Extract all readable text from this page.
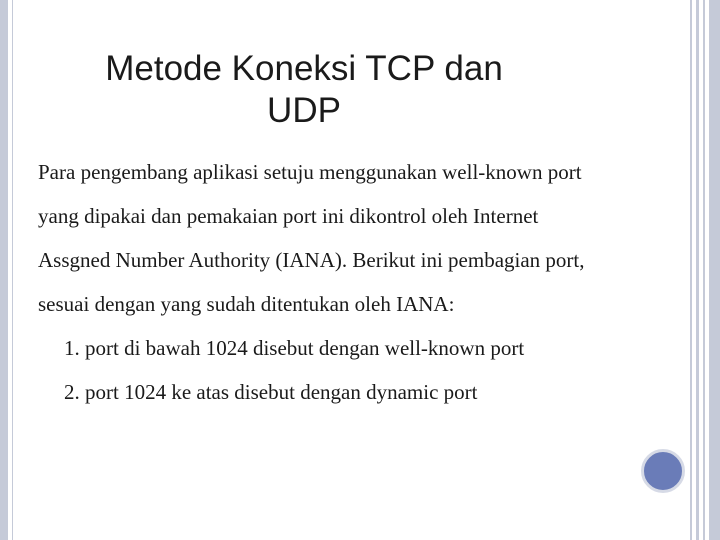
Metode Koneksi TCP dan
UDP
Para pengembang aplikasi setuju menggunakan well-known port
yang dipakai dan pemakaian port ini dikontrol oleh Internet
Assgned Number Authority (IANA). Berikut ini pembagian port,
sesuai dengan yang sudah ditentukan oleh IANA:
1. port di bawah 1024 disebut dengan well-known port
2. port 1024 ke atas disebut dengan dynamic port
